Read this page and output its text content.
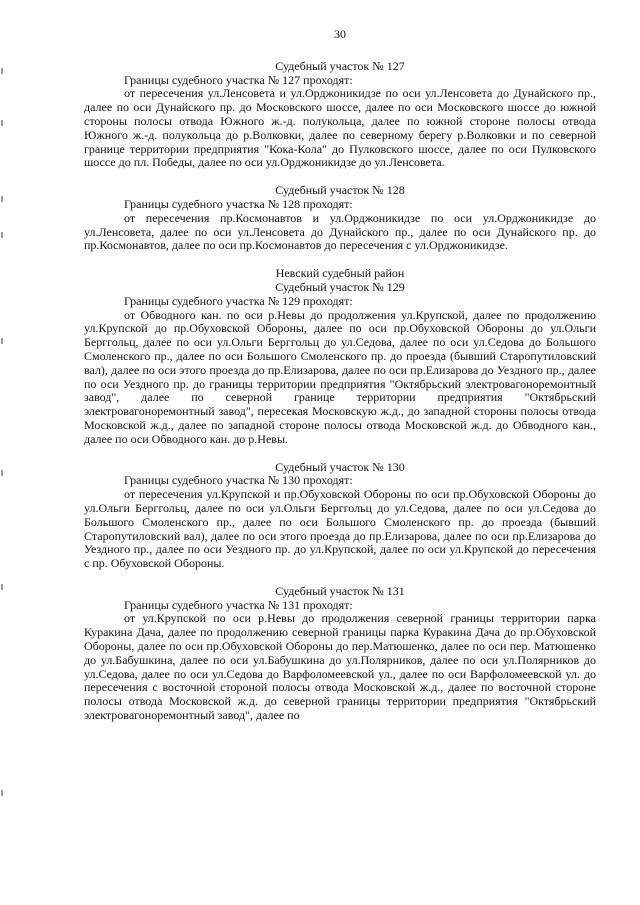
30

Судебный участок № 127

Границы судебного участка № 127 проходят:

от пересечения ул.Ленсовета и ул.Орджоникидзе по оси ул.Ленсовета до Дунайского пр., далее по оси Дунайского пр. до Московского шоссе, далее по оси Московского шоссе до южной стороны полосы отвода Южного ж.-д. полукольца, далее по южной стороне полосы отвода Южного ж.-д. полукольца до р.Волковки, далее по северному берегу р.Волковки и по северной границе территории предприятия "Кока-Кола" до Пулковского шоссе, далее по оси Пулковского шоссе до пл. Победы, далее по оси ул.Орджоникидзе до ул.Ленсовета.

Судебный участок № 128

Границы судебного участка № 128 проходят:

от пересечения пр.Космонавтов и ул.Орджоникидзе по оси ул.Орджоникидзе до ул.Ленсовета, далее по оси ул.Ленсовета до Дунайского пр., далее по оси Дунайского пр. до пр.Космонавтов, далее по оси пр.Космонавтов до пересечения с ул.Орджоникидзе.

Невский судебный район

Судебный участок № 129

Границы судебного участка № 129 проходят:

от Обводного кан. по оси р.Невы до продолжения ул.Крупской, далее по продолжению ул.Крупской до пр.Обуховской Обороны, далее по оси пр.Обуховской Обороны до ул.Ольги Берггольц, далее по оси ул.Ольги Берггольц до ул.Седова, далее по оси ул.Седова до Большого Смоленского пр., далее по оси Большого Смоленского пр. до проезда (бывший Старопутиловский вал), далее по оси этого проезда до пр.Елизарова, далее по оси пр.Елизарова до Уездного пр., далее по оси Уездного пр. до границы территории предприятия "Октябрьский электровагоноремонтный завод", далее по северной границе территории предприятия "Октябрьский электровагоноремонтный завод", пересекая Московскую ж.д., до западной стороны полосы отвода Московской ж.д., далее по западной стороне полосы отвода Московской ж.д. до Обводного кан., далее по оси Обводного кан. до р.Невы.

Судебный участок № 130

Границы судебного участка № 130 проходят:

от пересечения ул.Крупской и пр.Обуховской Обороны по оси пр.Обуховской Обороны до ул.Ольги Берггольц, далее по оси ул.Ольги Берггольц до ул.Седова, далее по оси ул.Седова до Большого Смоленского пр., далее по оси Большого Смоленского пр. до проезда (бывший Старопутиловский вал), далее по оси этого проезда до пр.Елизарова, далее по оси пр.Елизарова до Уездного пр., далее по оси Уездного пр. до ул.Крупской, далее по оси ул.Крупской до пересечения с пр. Обуховской Обороны.

Судебный участок № 131

Границы судебного участка № 131 проходят:

от ул.Крупской по оси р.Невы до продолжения северной границы территории парка Куракина Дача, далее по продолжению северной границы парка Куракина Дача до пр.Обуховской Обороны, далее по оси пр.Обуховской Обороны до пер.Матюшенко, далее по оси пер. Матюшенко до ул.Бабушкина, далее по оси ул.Бабушкина до ул.Полярников, далее по оси ул.Полярников до ул.Седова, далее по оси ул.Седова до Варфоломеевской ул., далее по оси Варфоломеевской ул. до пересечения с восточной стороной полосы отвода Московской ж.д., далее по восточной стороне полосы отвода Московской ж.д. до северной границы территории предприятия "Октябрьский электровагоноремонтный завод", далее по
